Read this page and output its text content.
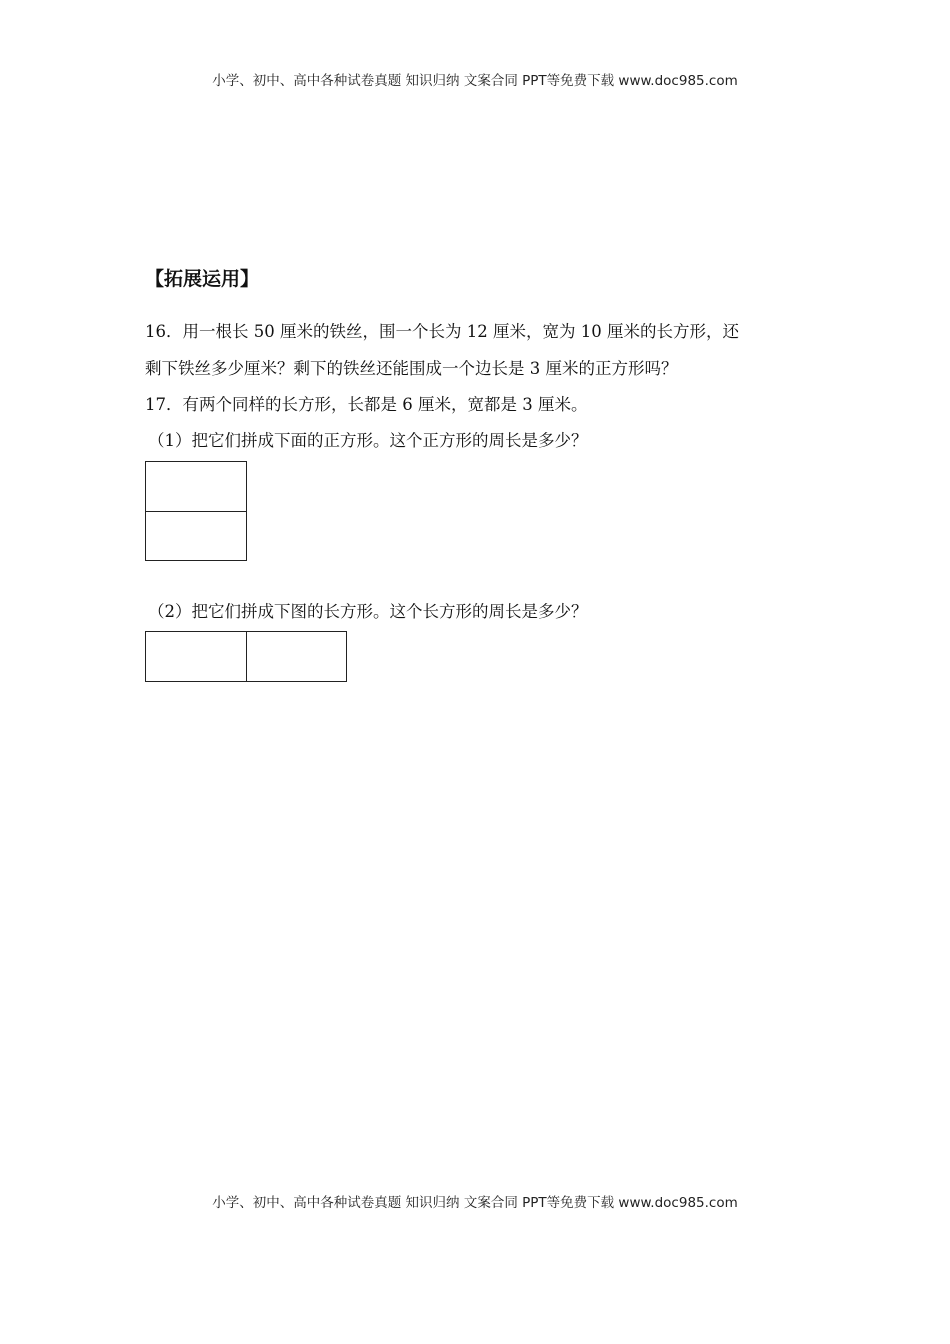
小学、初中、高中各种试卷真题 知识归纳 文案合同 PPT等免费下载 www.doc985.com
【拓展运用】
16．用一根长 50 厘米的铁丝，围一个长为 12 厘米，宽为 10 厘米的长方形，还
剩下铁丝多少厘米？剩下的铁丝还能围成一个边长是 3 厘米的正方形吗？
17．有两个同样的长方形，长都是 6 厘米，宽都是 3 厘米。
（1）把它们拼成下面的正方形。这个正方形的周长是多少？
（2）把它们拼成下图的长方形。这个长方形的周长是多少？
小学、初中、高中各种试卷真题 知识归纳 文案合同 PPT等免费下载 www.doc985.com
